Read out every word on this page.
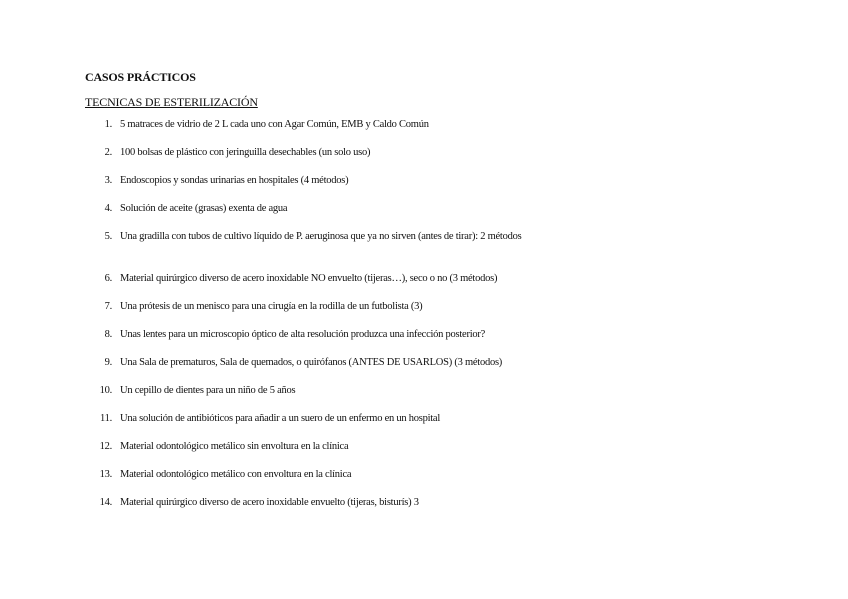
CASOS PRÁCTICOS
TECNICAS DE ESTERILIZACIÓN
1. 5 matraces de vidrio de 2 L cada uno con Agar Común, EMB y Caldo Común
2. 100 bolsas de plástico con jeringuilla desechables (un solo uso)
3. Endoscopios y sondas urinarias en hospitales (4 métodos)
4. Solución de aceite (grasas) exenta de agua
5. Una gradilla con tubos de cultivo líquido de P. aeruginosa que ya no sirven (antes de tirar): 2 métodos
6. Material quirúrgico diverso de acero inoxidable NO envuelto (tijeras…), seco o no (3 métodos)
7. Una prótesis de un menisco para una cirugía en la rodilla de un futbolista (3)
8. Unas lentes para un microscopio óptico de alta resolución produzca una infección posterior?
9. Una Sala de prematuros, Sala de quemados, o quirófanos (ANTES DE USARLOS) (3 métodos)
10. Un cepillo de dientes para un niño de 5 años
11. Una solución de antibióticos para añadir a un suero de un enfermo en un hospital
12. Material odontológico metálico sin envoltura en la clínica
13. Material odontológico metálico con envoltura en la clínica
14. Material quirúrgico diverso de acero inoxidable envuelto (tijeras, bisturís) 3
